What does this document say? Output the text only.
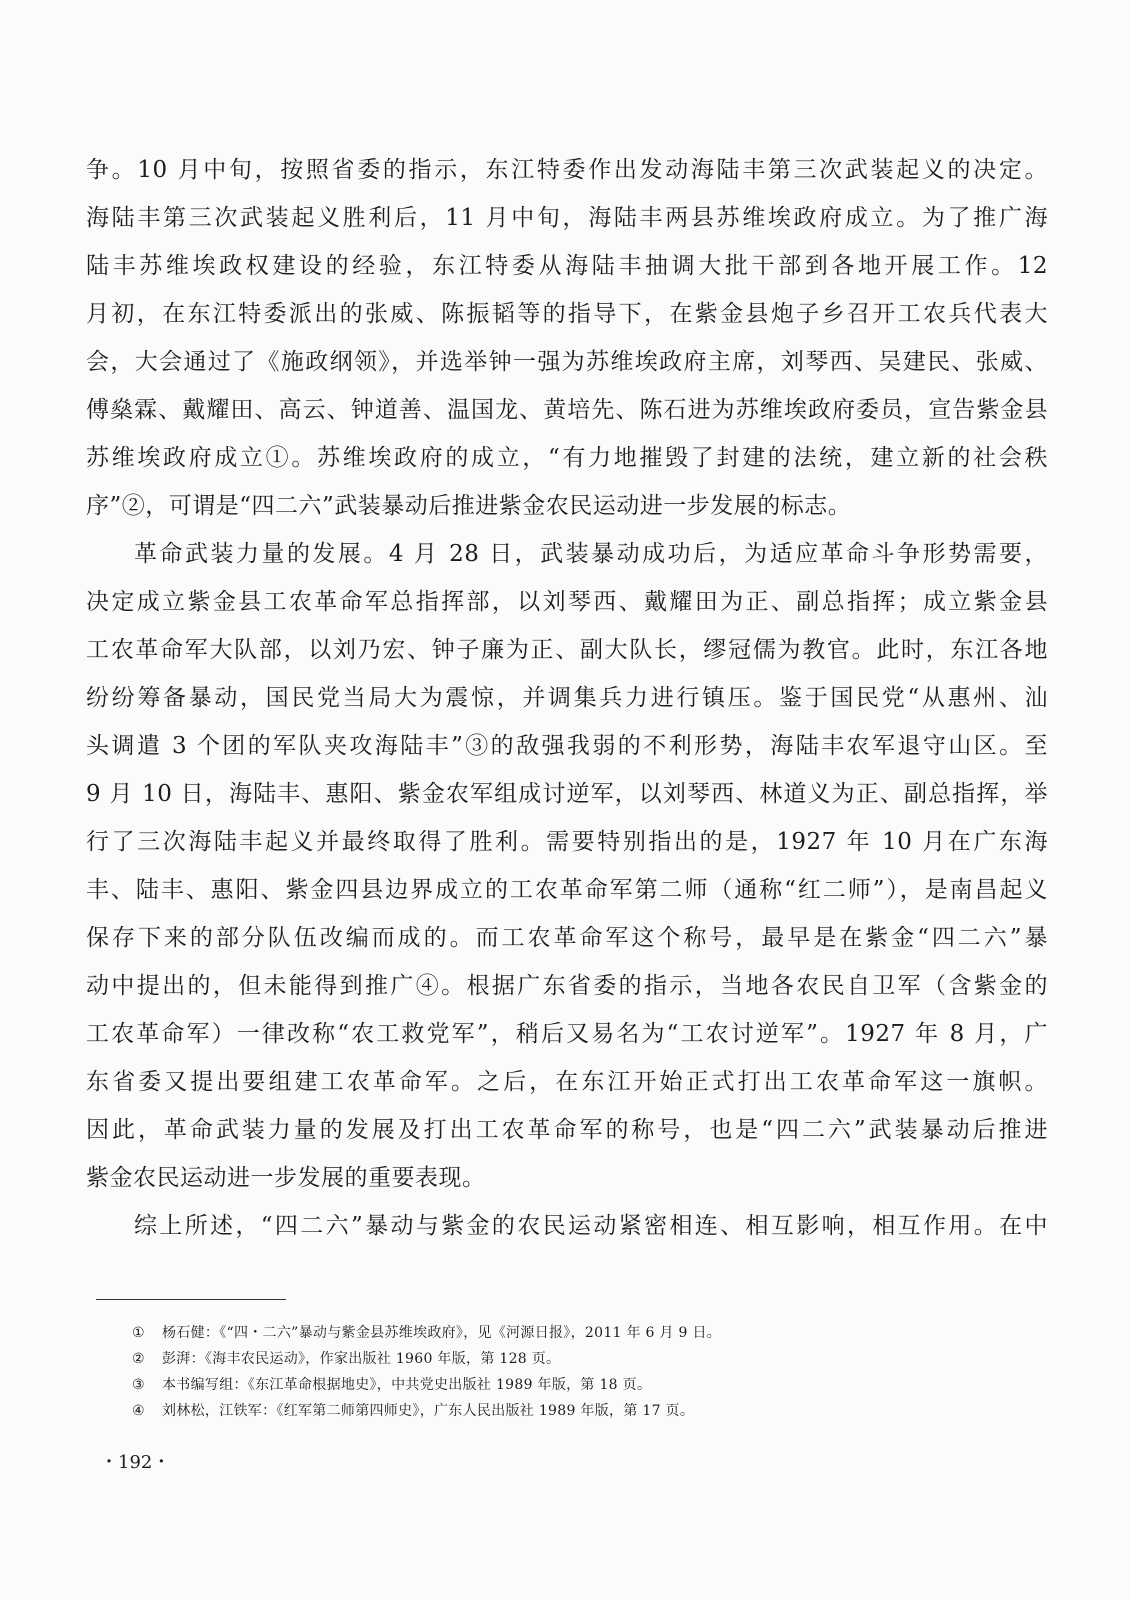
争。10 月中旬，按照省委的指示，东江特委作出发动海陆丰第三次武装起义的决定。
海陆丰第三次武装起义胜利后，11 月中旬，海陆丰两县苏维埃政府成立。为了推广海
陆丰苏维埃政权建设的经验，东江特委从海陆丰抽调大批干部到各地开展工作。12
月初，在东江特委派出的张威、陈振韬等的指导下，在紫金县炮子乡召开工农兵代表大
会，大会通过了《施政纲领》，并选举钟一强为苏维埃政府主席，刘琴西、吴建民、张威、
傅燊霖、戴耀田、高云、钟道善、温国龙、黄培先、陈石进为苏维埃政府委员，宣告紫金县
苏维埃政府成立①。苏维埃政府的成立，“有力地摧毁了封建的法统，建立新的社会秩
序”②，可谓是“四二六”武装暴动后推进紫金农民运动进一步发展的标志。
革命武装力量的发展。4 月 28 日，武装暴动成功后，为适应革命斗争形势需要，
决定成立紫金县工农革命军总指挥部，以刘琴西、戴耀田为正、副总指挥；成立紫金县
工农革命军大队部，以刘乃宏、钟子廉为正、副大队长，缪冠儒为教官。此时，东江各地
纷纷筹备暴动，国民党当局大为震惊，并调集兵力进行镇压。鉴于国民党“从惠州、汕
头调遣 3 个团的军队夹攻海陆丰”③的敌强我弱的不利形势，海陆丰农军退守山区。至
9 月 10 日，海陆丰、惠阳、紫金农军组成讨逆军，以刘琴西、林道义为正、副总指挥，举
行了三次海陆丰起义并最终取得了胜利。需要特别指出的是，1927 年 10 月在广东海
丰、陆丰、惠阳、紫金四县边界成立的工农革命军第二师（通称“红二师”），是南昌起义
保存下来的部分队伍改编而成的。而工农革命军这个称号，最早是在紫金“四二六”暴
动中提出的，但未能得到推广④。根据广东省委的指示，当地各农民自卫军（含紫金的
工农革命军）一律改称“农工救党军”，稍后又易名为“工农讨逆军”。1927 年 8 月，广
东省委又提出要组建工农革命军。之后，在东江开始正式打出工农革命军这一旗帜。
因此，革命武装力量的发展及打出工农革命军的称号，也是“四二六”武装暴动后推进
紫金农民运动进一步发展的重要表现。
综上所述，“四二六”暴动与紫金的农民运动紧密相连、相互影响，相互作用。在中
① 杨石健：《“四・二六”暴动与紫金县苏维埃政府》，见《河源日报》，2011 年 6 月 9 日。
② 彭湃：《海丰农民运动》，作家出版社 1960 年版，第 128 页。
③ 本书编写组：《东江革命根据地史》，中共党史出版社 1989 年版，第 18 页。
④ 刘林松，江铁军：《红军第二师第四师史》，广东人民出版社 1989 年版，第 17 页。
・192・
